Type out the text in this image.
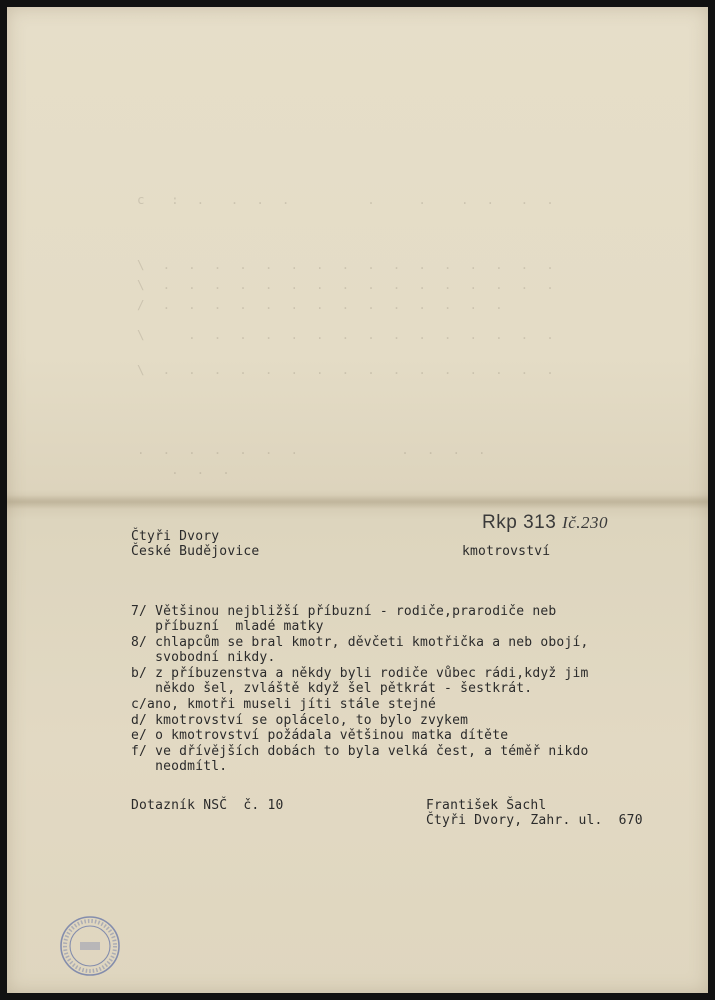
c   :  .   .  .  .         .     .    .  .   .  .
\  .  .  .  .  .  .  .  .  .  .  .  .  .  .  .  .
\  .  .  .  .  .  .  .  .  .  .  .  .  .  .  .  .
/  .  .  .  .  .  .  .  .  .  .  .  .  .  .
\     .  .  .  .  .  .  .  .  .  .  .  .  .  .  .
\  .  .  .  .  .  .  .  .  .  .  .  .  .  .  .  .
.  .  .  .  .  .  .            .  .  .  .
.  .  .
Rkp 313 Ič.230
Čtyři Dvory
České Budějovice	kmotrovství
7/ Většinou nejbližší příbuzní - rodiče,prarodiče neb
příbuzní  mladé matky
8/ chlapcům se bral kmotr, děvčeti kmotřička a neb obojí,
svobodní nikdy.
b/ z příbuzenstva a někdy byli rodiče vůbec rádi,když jim
někdo šel, zvláště když šel pětkrát - šestkrát.
c/ano, kmotři museli jíti stále stejné
d/ kmotrovství se oplácelo, to bylo zvykem
e/ o kmotrovství požádala většinou matka dítěte
f/ ve dřívějších dobách to byla velká čest, a téměř nikdo
neodmítl.
Dotazník NSČ  č. 10	František Šachl
Čtyři Dvory, Zahr. ul.  670
